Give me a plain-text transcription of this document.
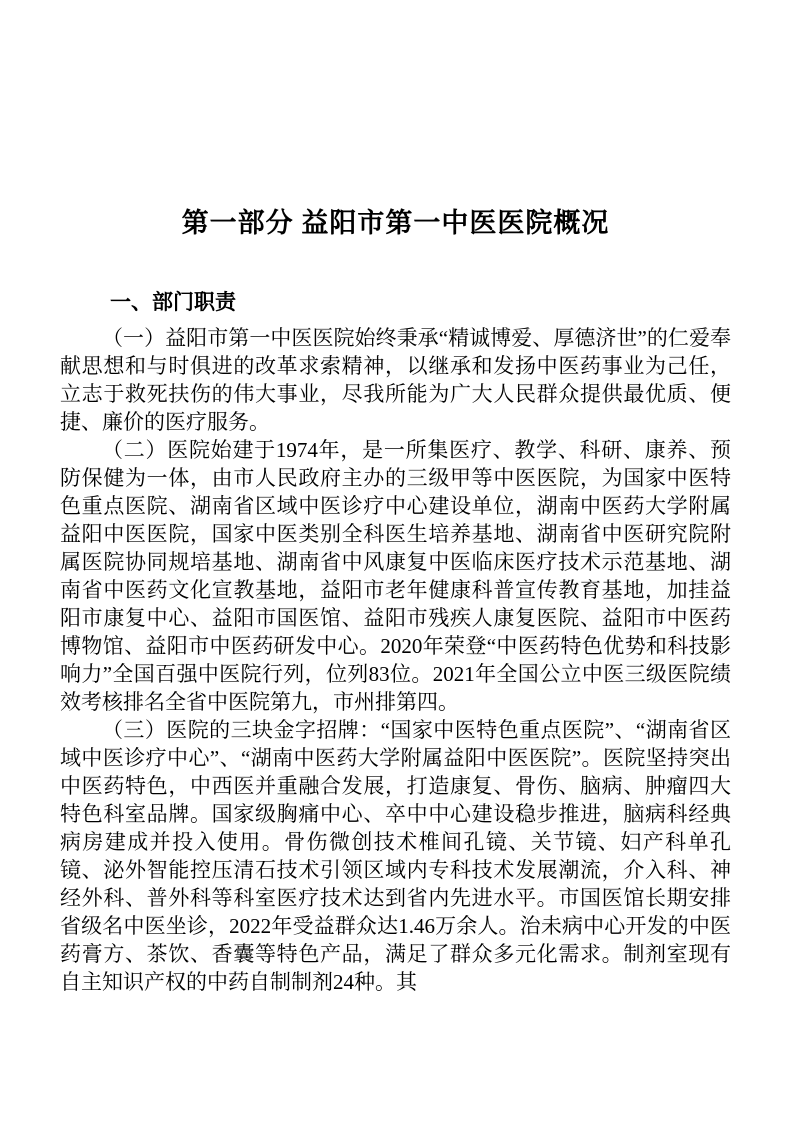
第一部分 益阳市第一中医医院概况
一、部门职责

（一）益阳市第一中医医院始终秉承“精诚博爱、厚德济世”的仁爱奉献思想和与时俱进的改革求索精神，以继承和发扬中医药事业为己任，立志于救死扶伤的伟大事业，尽我所能为广大人民群众提供最优质、便捷、廉价的医疗服务。

（二）医院始建于1974年，是一所集医疗、教学、科研、康养、预防保健为一体，由市人民政府主办的三级甲等中医医院，为国家中医特色重点医院、湖南省区域中医诊疗中心建设单位，湖南中医药大学附属益阳中医医院，国家中医类别全科医生培养基地、湖南省中医研究院附属医院协同规培基地、湖南省中风康复中医临床医疗技术示范基地、湖南省中医药文化宣教基地，益阳市老年健康科普宣传教育基地，加挂益阳市康复中心、益阳市国医馆、益阳市残疾人康复医院、益阳市中医药博物馆、益阳市中医药研发中心。2020年荣登“中医药特色优势和科技影响力”全国百强中医院行列，位列83位。2021年全国公立中医三级医院绩效考核排名全省中医院第九，市州排第四。

（三）医院的三块金字招牌：“国家中医特色重点医院”、“湖南省区域中医诊疗中心”、“湖南中医药大学附属益阳中医医院”。医院坚持突出中医药特色，中西医并重融合发展，打造康复、骨伤、脑病、肿瘤四大特色科室品牌。国家级胸痛中心、卒中中心建设稳步推进，脑病科经典病房建成并投入使用。骨伤微创技术椎间孔镜、关节镜、妇产科单孔镜、泌外智能控压清石技术引领区域内专科技术发展潮流，介入科、神经外科、普外科等科室医疗技术达到省内先进水平。市国医馆长期安排省级名中医坐诊，2022年受益群众达1.46万余人。治未病中心开发的中医药膏方、茶饮、香囊等特色产品，满足了群众多元化需求。制剂室现有自主知识产权的中药自制制剂24种。其
